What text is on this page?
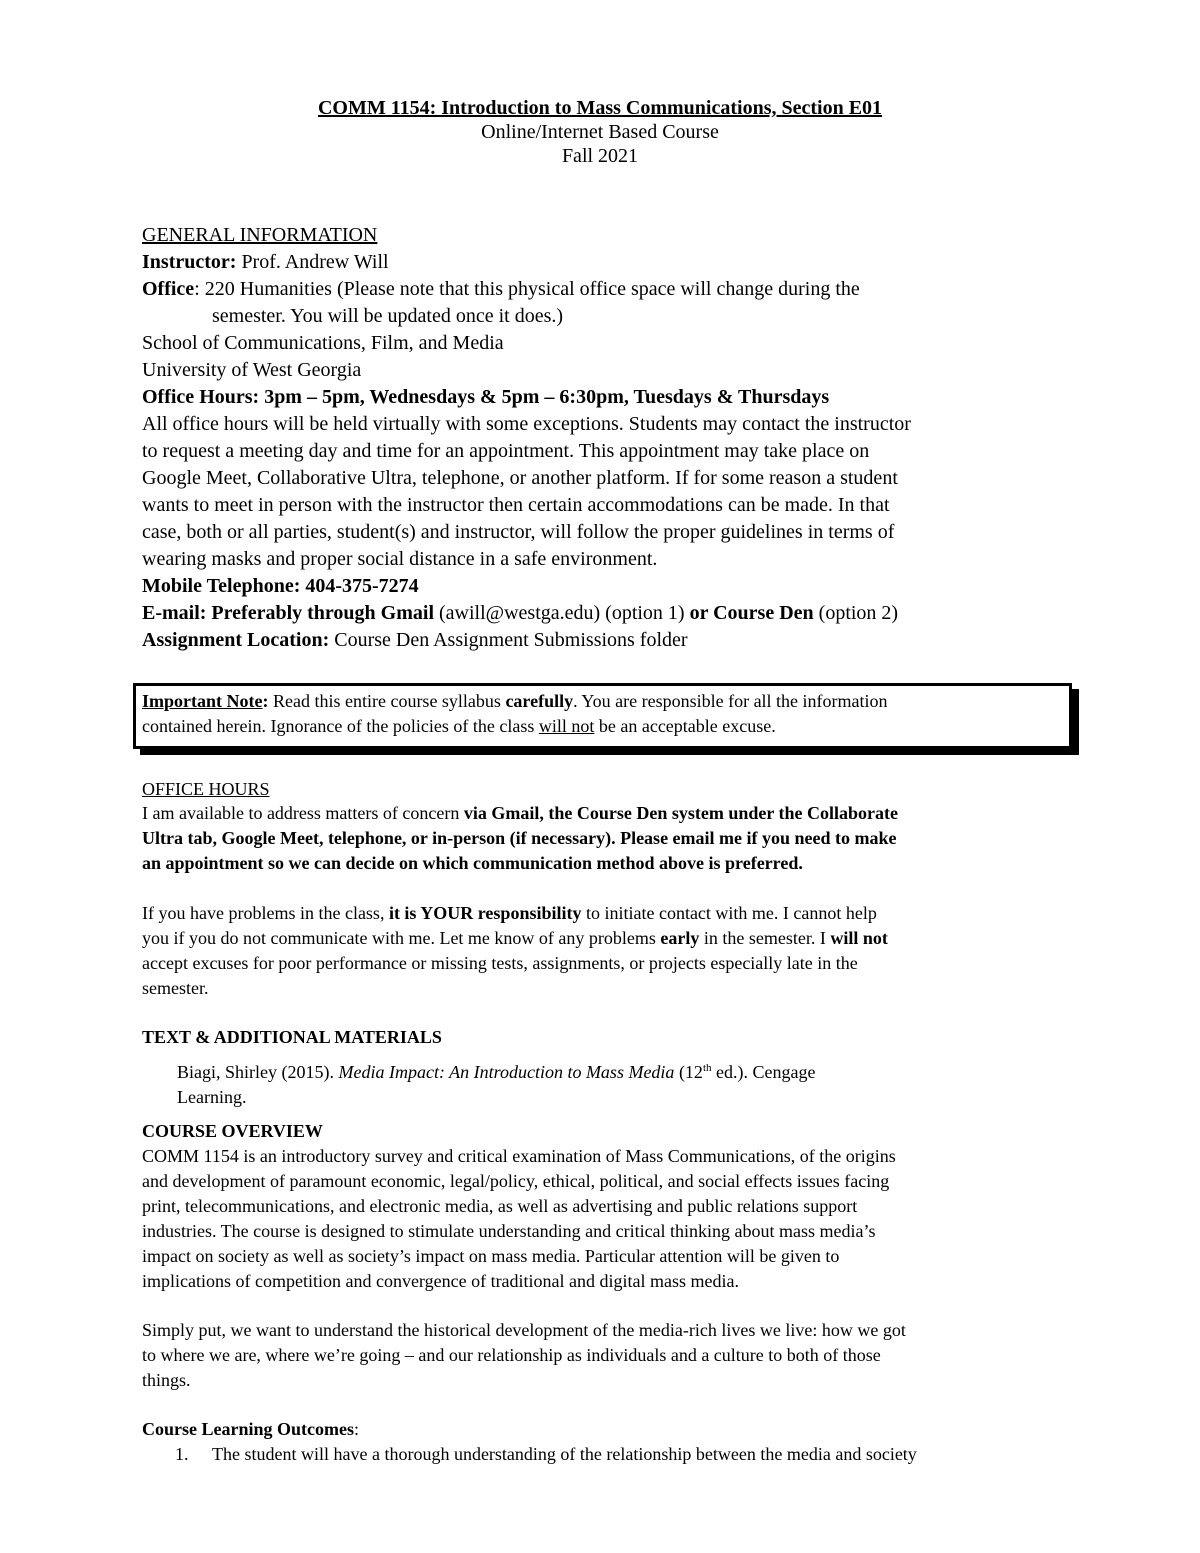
COMM 1154: Introduction to Mass Communications, Section E01
Online/Internet Based Course
Fall 2021
GENERAL INFORMATION
Instructor: Prof. Andrew Will
Office: 220 Humanities (Please note that this physical office space will change during the
semester. You will be updated once it does.)
School of Communications, Film, and Media
University of West Georgia
Office Hours: 3pm – 5pm, Wednesdays & 5pm – 6:30pm, Tuesdays & Thursdays
All office hours will be held virtually with some exceptions. Students may contact the instructor
to request a meeting day and time for an appointment. This appointment may take place on
Google Meet, Collaborative Ultra, telephone, or another platform. If for some reason a student
wants to meet in person with the instructor then certain accommodations can be made. In that
case, both or all parties, student(s) and instructor, will follow the proper guidelines in terms of
wearing masks and proper social distance in a safe environment.
Mobile Telephone: 404-375-7274
E-mail: Preferably through Gmail (awill@westga.edu) (option 1) or Course Den (option 2)
Assignment Location: Course Den Assignment Submissions folder
Important Note: Read this entire course syllabus carefully. You are responsible for all the information
contained herein. Ignorance of the policies of the class will not be an acceptable excuse.
OFFICE HOURS
I am available to address matters of concern via Gmail, the Course Den system under the Collaborate
Ultra tab, Google Meet, telephone, or in-person (if necessary). Please email me if you need to make
an appointment so we can decide on which communication method above is preferred.
If you have problems in the class, it is YOUR responsibility to initiate contact with me. I cannot help
you if you do not communicate with me. Let me know of any problems early in the semester. I will not
accept excuses for poor performance or missing tests, assignments, or projects especially late in the
semester.
TEXT & ADDITIONAL MATERIALS
Biagi, Shirley (2015). Media Impact: An Introduction to Mass Media (12th ed.). Cengage
Learning.
COURSE OVERVIEW
COMM 1154 is an introductory survey and critical examination of Mass Communications, of the origins
and development of paramount economic, legal/policy, ethical, political, and social effects issues facing
print, telecommunications, and electronic media, as well as advertising and public relations support
industries. The course is designed to stimulate understanding and critical thinking about mass media’s
impact on society as well as society’s impact on mass media. Particular attention will be given to
implications of competition and convergence of traditional and digital mass media.
Simply put, we want to understand the historical development of the media-rich lives we live: how we got
to where we are, where we’re going – and our relationship as individuals and a culture to both of those
things.
Course Learning Outcomes:
1. The student will have a thorough understanding of the relationship between the media and society
